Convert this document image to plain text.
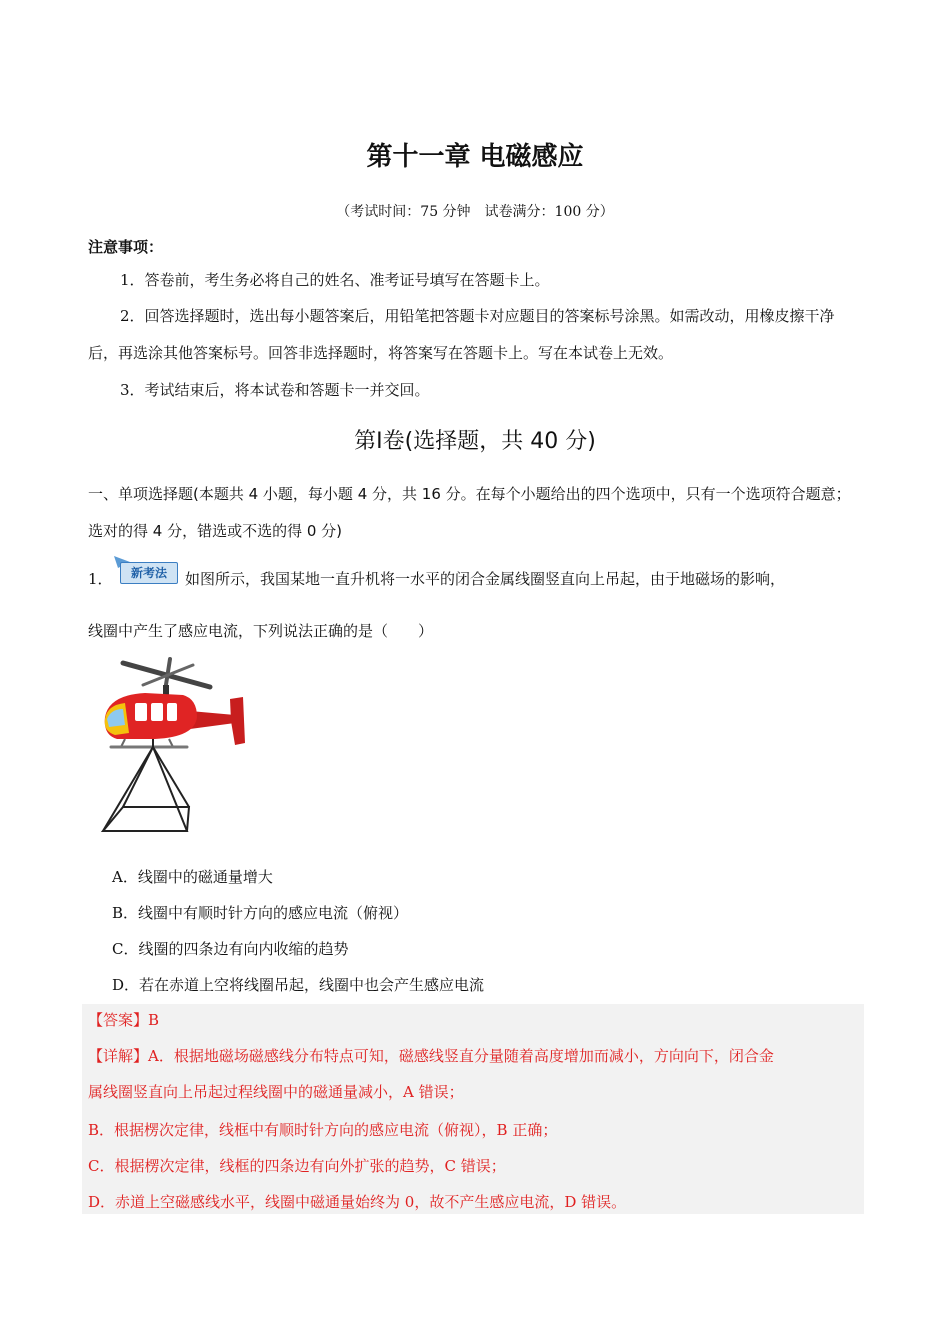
第十一章 电磁感应
（考试时间：75 分钟　试卷满分：100 分）
注意事项：
1．答卷前，考生务必将自己的姓名、准考证号填写在答题卡上。
2．回答选择题时，选出每小题答案后，用铅笔把答题卡对应题目的答案标号涂黑。如需改动，用橡皮擦干净后，再选涂其他答案标号。回答非选择题时，将答案写在答题卡上。写在本试卷上无效。
3．考试结束后，将本试卷和答题卡一并交回。
第Ⅰ卷(选择题，共 40 分)
一、单项选择题(本题共 4 小题，每小题 4 分，共 16 分。在每个小题给出的四个选项中，只有一个选项符合题意；选对的得 4 分，错选或不选的得 0 分)
1．	新考法	如图所示，我国某地一直升机将一水平的闭合金属线圈竖直向上吊起，由于地磁场的影响，
线圈中产生了感应电流，下列说法正确的是（　　）
A．线圈中的磁通量增大
B．线圈中有顺时针方向的感应电流（俯视）
C．线圈的四条边有向内收缩的趋势
D．若在赤道上空将线圈吊起，线圈中也会产生感应电流
【答案】B
【详解】A．根据地磁场磁感线分布特点可知，磁感线竖直分量随着高度增加而减小，方向向下，闭合金
属线圈竖直向上吊起过程线圈中的磁通量减小，A 错误；
B．根据楞次定律，线框中有顺时针方向的感应电流（俯视），B 正确；
C．根据楞次定律，线框的四条边有向外扩张的趋势，C 错误；
D．赤道上空磁感线水平，线圈中磁通量始终为 0，故不产生感应电流，D 错误。
